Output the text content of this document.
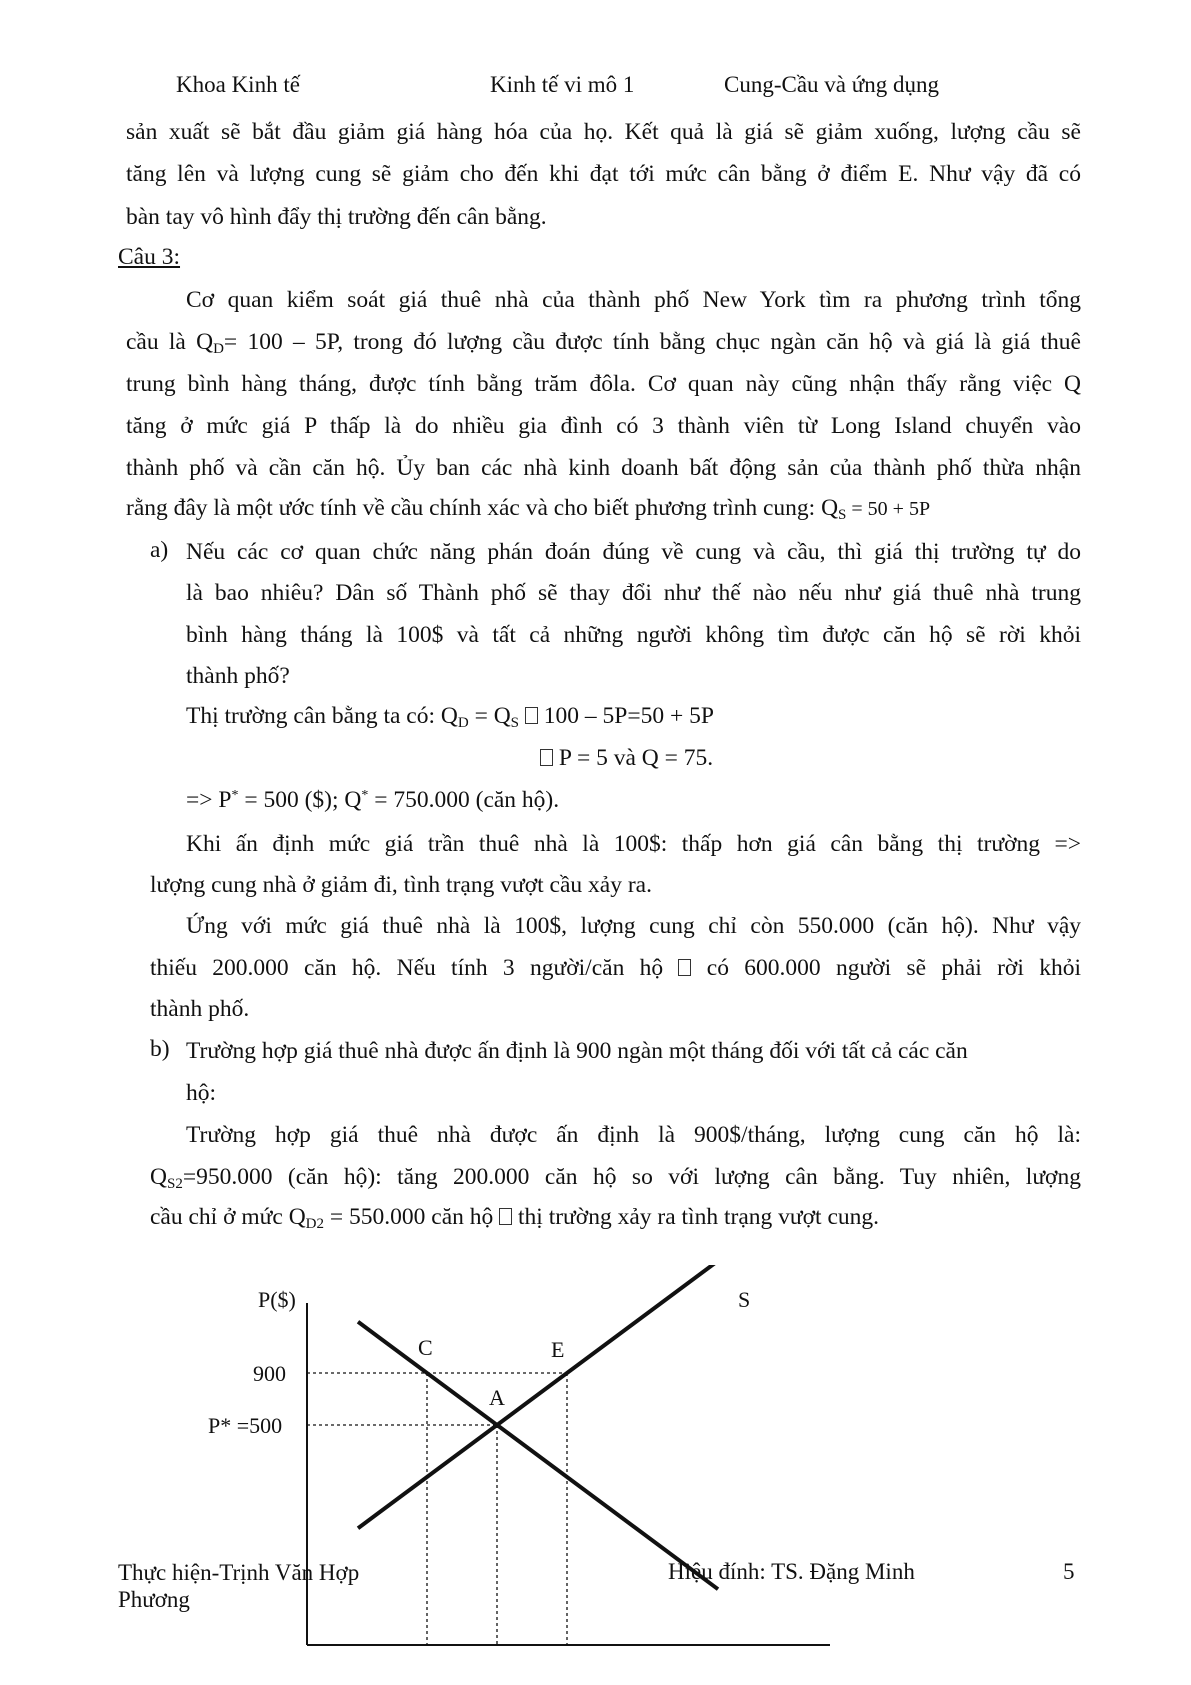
Khoa Kinh tế	Kinh tế vi mô 1	Cung-Cầu và ứng dụng
sản xuất sẽ bắt đầu giảm giá hàng hóa của họ. Kết quả là giá sẽ giảm xuống, lượng cầu sẽ
tăng lên và lượng cung sẽ giảm cho đến khi đạt tới mức cân bằng ở điểm E. Như vậy đã có
bàn tay vô hình đẩy thị trường đến cân bằng.
Câu 3:
Cơ quan kiểm soát giá thuê nhà của thành phố New York tìm ra phương trình tổng
cầu là $Q_D= 100 - 5P$, trong đó lượng cầu được tính bằng chục ngàn căn hộ và giá là giá thuê
trung bình hàng tháng, được tính bằng trăm đôla. Cơ quan này cũng nhận thấy rằng việc Q
tăng ở mức giá P thấp là do nhiều gia đình có 3 thành viên từ Long Island chuyển vào
thành phố và cần căn hộ. Ủy ban các nhà kinh doanh bất động sản của thành phố thừa nhận
rằng đây là một ước tính về cầu chính xác và cho biết phương trình cung: $Q_S = 50 + 5P$
a) Nếu các cơ quan chức năng phán đoán đúng về cung và cầu, thì giá thị trường tự do
là bao nhiêu? Dân số Thành phố sẽ thay đổi như thế nào nếu như giá thuê nhà trung
bình hàng tháng là 100$ và tất cả những người không tìm được căn hộ sẽ rời khỏi
thành phố?
Thị trường cân bằng ta có: $Q_D = Q_S$  100 – 5P=50 + 5P
P = 5 và Q = 75.
=> P* = 500 ($); Q* = 750.000 (căn hộ).
Khi ấn định mức giá trần thuê nhà là 100$: thấp hơn giá cân bằng thị trường =>
lượng cung nhà ở giảm đi, tình trạng vượt cầu xảy ra.
Ứng với mức giá thuê nhà là 100$, lượng cung chỉ còn 550.000 (căn hộ). Như vậy
thiếu 200.000 căn hộ. Nếu tính 3 người/căn hộ  có 600.000 người sẽ phải rời khỏi
thành phố.
b) Trường hợp giá thuê nhà được ấn định là 900 ngàn một tháng đối với tất cả các căn
hộ:
Trường hợp giá thuê nhà được ấn định là 900$/tháng, lượng cung căn hộ là:
$Q_{S2}=950.000$ (căn hộ): tăng 200.000 căn hộ so với lượng cân bằng. Tuy nhiên, lượng
cầu chỉ ở mức $Q_{D2} = 550.000$ căn hộ  thị trường xảy ra tình trạng vượt cung.
P($)	S
900
P* =500
C	E
A
Thực hiện-Trịnh Văn Hợp
Phương
Hiệu đính: TS. Đặng Minh	5
